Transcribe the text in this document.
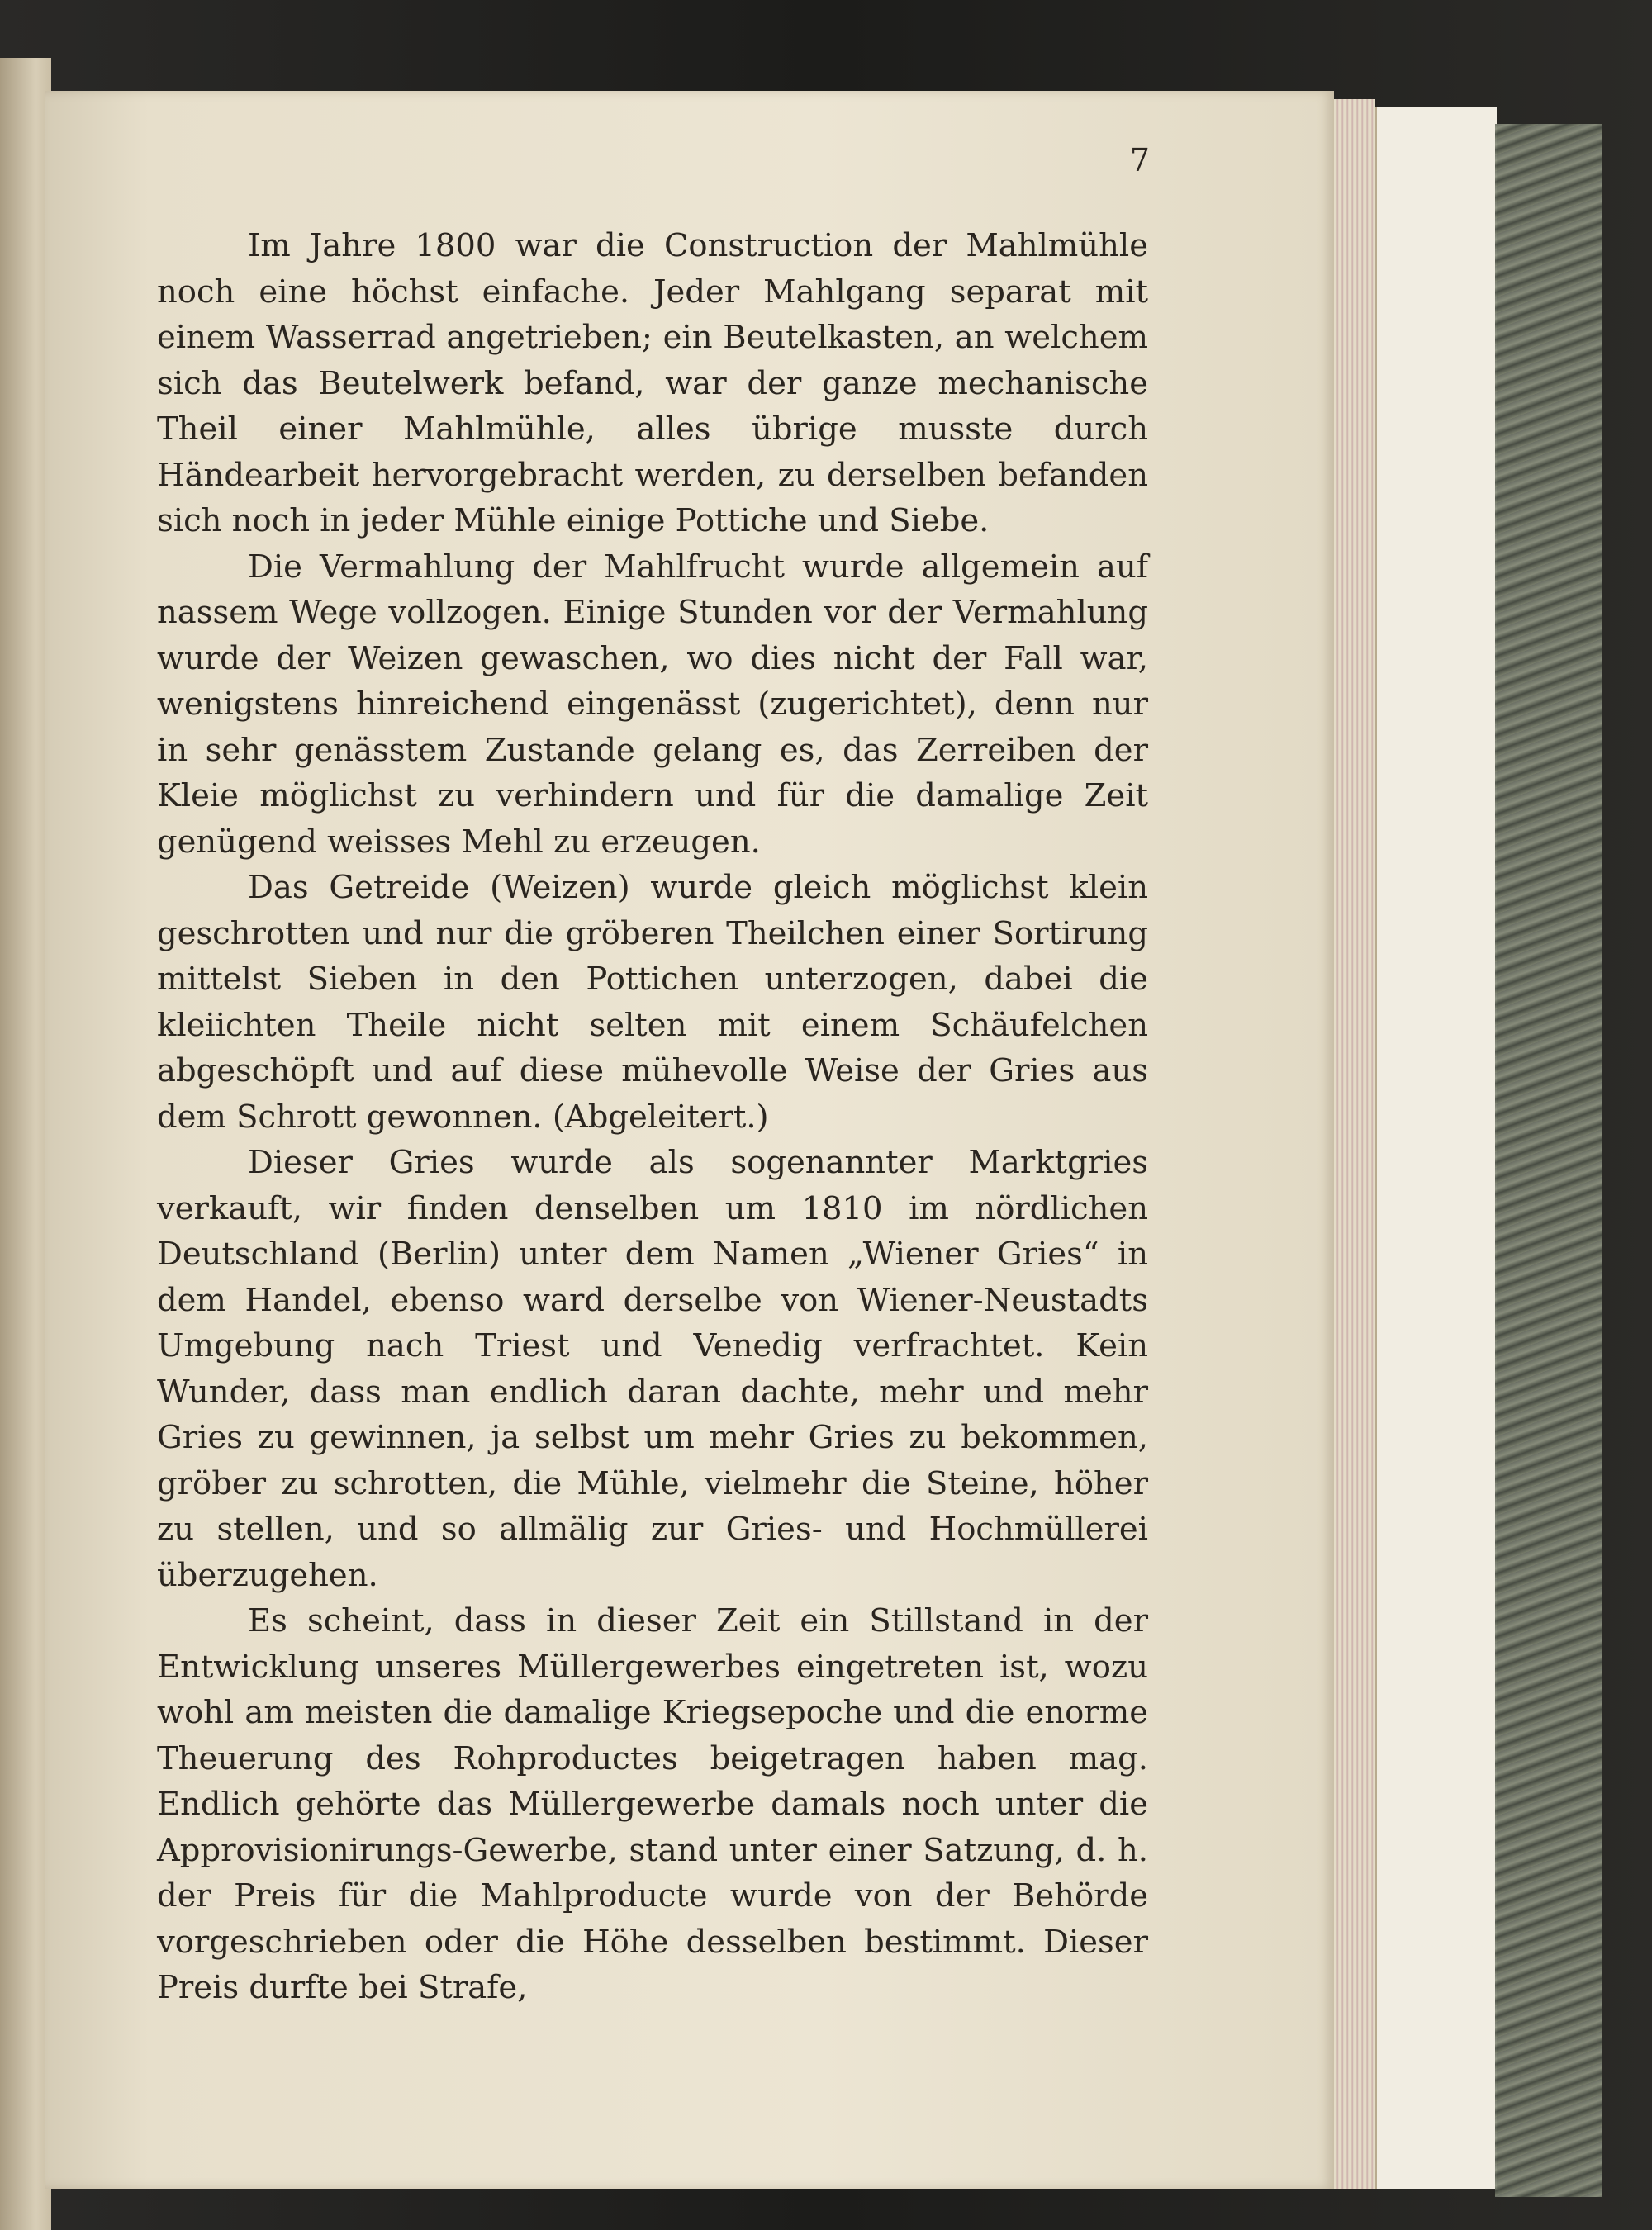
7

Im Jahre 1800 war die Construction der Mahlmühle noch eine höchst einfache. Jeder Mahlgang separat mit einem Wasserrad angetrieben; ein Beutelkasten, an welchem sich das Beutelwerk befand, war der ganze mechanische Theil einer Mahlmühle, alles übrige musste durch Händearbeit hervorgebracht werden, zu derselben befanden sich noch in jeder Mühle einige Pottiche und Siebe.

Die Vermahlung der Mahlfrucht wurde allgemein auf nassem Wege vollzogen. Einige Stunden vor der Vermahlung wurde der Weizen gewaschen, wo dies nicht der Fall war, wenigstens hinreichend eingenässt (zugerichtet), denn nur in sehr genässtem Zustande gelang es, das Zerreiben der Kleie möglichst zu verhindern und für die damalige Zeit genügend weisses Mehl zu erzeugen.

Das Getreide (Weizen) wurde gleich möglichst klein geschrotten und nur die gröberen Theilchen einer Sortirung mittelst Sieben in den Pottichen unterzogen, dabei die kleiichten Theile nicht selten mit einem Schäufelchen abgeschöpft und auf diese mühevolle Weise der Gries aus dem Schrott gewonnen. (Abgeleitert.)

Dieser Gries wurde als sogenannter Marktgries verkauft, wir finden denselben um 1810 im nördlichen Deutschland (Berlin) unter dem Namen „Wiener Gries“ in dem Handel, ebenso ward derselbe von Wiener-Neustadts Umgebung nach Triest und Venedig verfrachtet. Kein Wunder, dass man endlich daran dachte, mehr und mehr Gries zu gewinnen, ja selbst um mehr Gries zu bekommen, gröber zu schrotten, die Mühle, vielmehr die Steine, höher zu stellen, und so allmälig zur Gries- und Hochmüllerei überzugehen.

Es scheint, dass in dieser Zeit ein Stillstand in der Entwicklung unseres Müllergewerbes eingetreten ist, wozu wohl am meisten die damalige Kriegsepoche und die enorme Theuerung des Rohproductes beigetragen haben mag. Endlich gehörte das Müllergewerbe damals noch unter die Approvisionirungs-Gewerbe, stand unter einer Satzung, d. h. der Preis für die Mahlproducte wurde von der Behörde vorgeschrieben oder die Höhe desselben bestimmt. Dieser Preis durfte bei Strafe,
